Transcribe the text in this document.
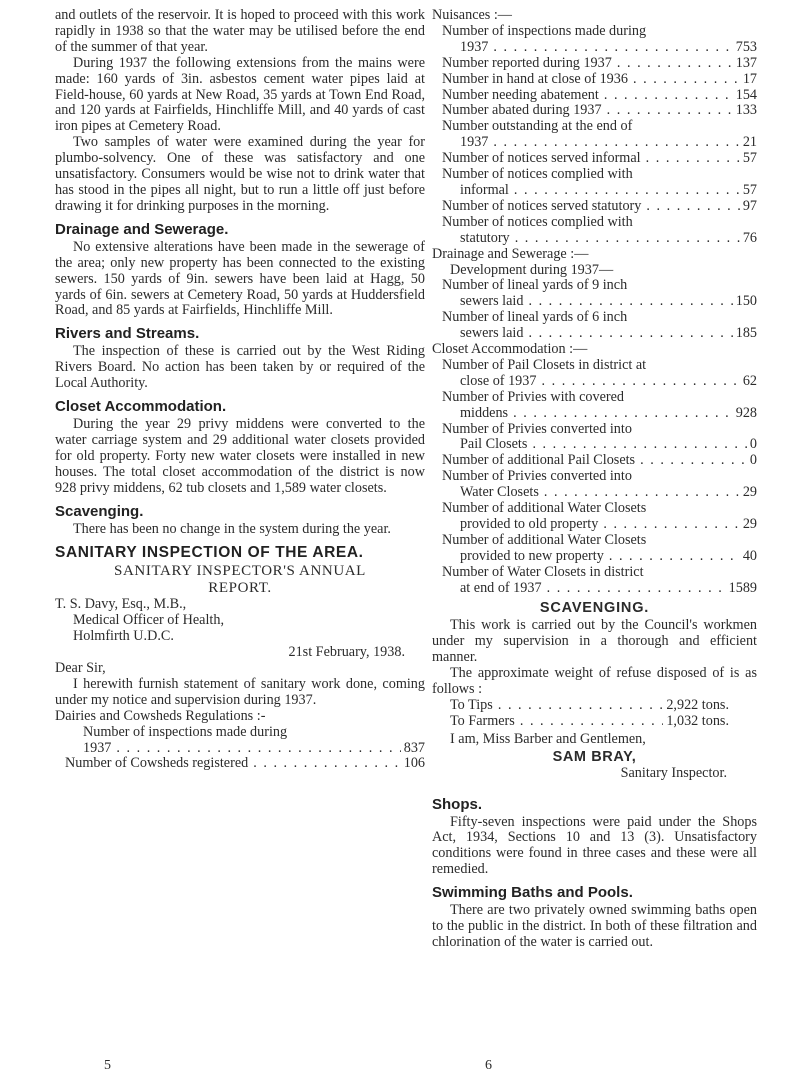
and outlets of the reservoir. It is hoped to proceed with this work rapidly in 1938 so that the water may be utilised before the end of the summer of that year.

During 1937 the following extensions from the mains were made: 160 yards of 3in. asbestos cement water pipes laid at Field-house, 60 yards at New Road, 35 yards at Town End Road, and 120 yards at Fairfields, Hinchliffe Mill, and 40 yards of cast iron pipes at Cemetery Road.

Two samples of water were examined during the year for plumbo-solvency. One of these was satisfactory and one unsatisfactory. Consumers would be wise not to drink water that has stood in the pipes all night, but to run a little off just before drawing it for drinking purposes in the morning.

Drainage and Sewerage.

No extensive alterations have been made in the sewerage of the area; only new property has been connected to the existing sewers. 150 yards of 9in. sewers have been laid at Hagg, 50 yards of 6in. sewers at Cemetery Road, 50 yards at Huddersfield Road, and 85 yards at Fairfields, Hinchliffe Mill.

Rivers and Streams.

The inspection of these is carried out by the West Riding Rivers Board. No action has been taken by or required of the Local Authority.

Closet Accommodation.

During the year 29 privy middens were converted to the water carriage system and 29 additional water closets provided for old property. Forty new water closets were installed in new houses. The total closet accommodation of the district is now 928 privy middens, 62 tub closets and 1,589 water closets.

Scavenging.

There has been no change in the system during the year.

SANITARY INSPECTION OF THE AREA.
SANITARY INSPECTOR'S ANNUAL
REPORT.
T. S. Davy, Esq., M.B.,
Medical Officer of Health,
Holmfirth U.D.C.
21st February, 1938.
Dear Sir,

I herewith furnish statement of sanitary work done, coming under my notice and supervision during 1937.

Dairies and Cowsheds Regulations :-
Number of inspections made during
1937 . . .	837
Number of Cowsheds registered . . .	106
Nuisances :—
Number of inspections made during
1937 . . .	753
Number reported during 1937 . . .	137
Number in hand at close of 1936 . . .	17
Number needing abatement . . .	154
Number abated during 1937 . . .	133
Number outstanding at the end of
1937 . . .	21
Number of notices served informal . . .	57
Number of notices complied with
informal . . .	57
Number of notices served statutory . . .	97
Number of notices complied with
statutory . . .	76
Drainage and Sewerage :—
Development during 1937—
Number of lineal yards of 9 inch
sewers laid . . .	150
Number of lineal yards of 6 inch
sewers laid . . .	185
Closet Accommodation :—
Number of Pail Closets in district at
close of 1937 . . .	62
Number of Privies with covered
middens . . .	928
Number of Privies converted into
Pail Closets . . .	0
Number of additional Pail Closets . . .	0
Number of Privies converted into
Water Closets . . .	29
Number of additional Water Closets
provided to old property . . .	29
Number of additional Water Closets
provided to new property . . .	40
Number of Water Closets in district
at end of 1937 . . .	1589
SCAVENGING.

This work is carried out by the Council's workmen under my supervision in a thorough and efficient manner.

The approximate weight of refuse disposed of is as follows :

To Tips . . .	2,922 tons.
To Farmers . . .	1,032 tons.
I am, Miss Barber and Gentlemen,
SAM BRAY,
Sanitary Inspector.
Shops.

Fifty-seven inspections were paid under the Shops Act, 1934, Sections 10 and 13 (3). Unsatisfactory conditions were found in three cases and these were all remedied.

Swimming Baths and Pools.

There are two privately owned swimming baths open to the public in the district. In both of these filtration and chlorination of the water is carried out.

5	6
